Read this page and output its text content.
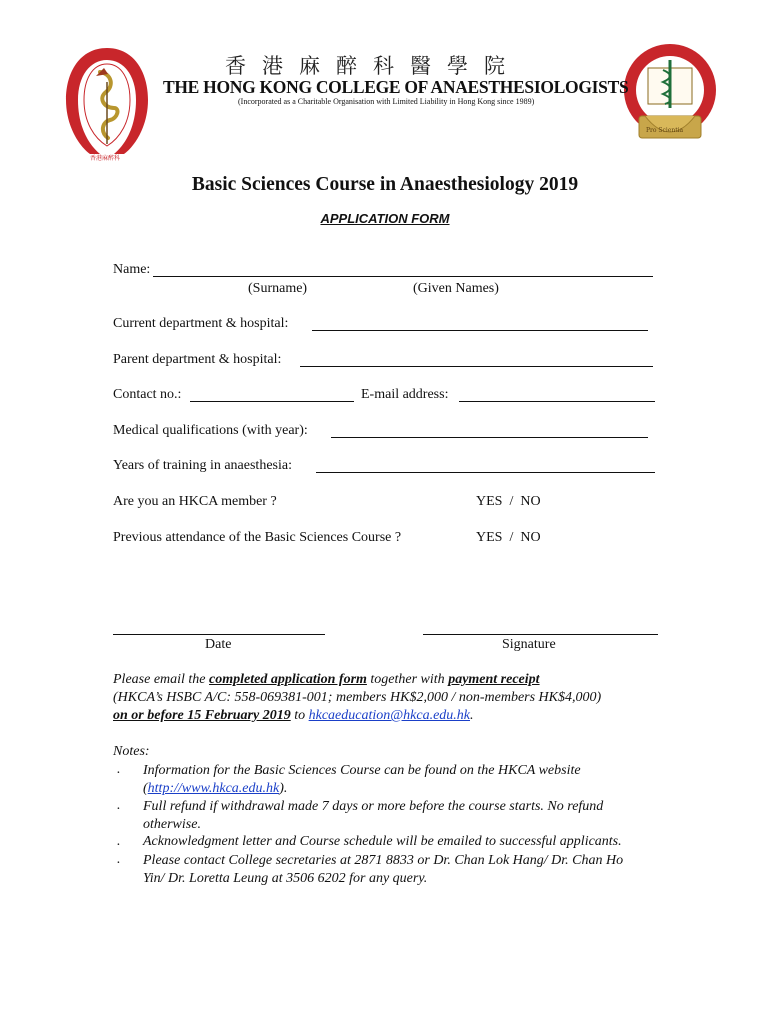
香港麻醉科
Pro Scientia
香港麻醉科醫學院
THE HONG KONG COLLEGE OF ANAESTHESIOLOGISTS
(Incorporated as a Charitable Organisation with Limited Liability in Hong Kong since 1989)
Basic Sciences Course in Anaesthesiology 2019
APPLICATION FORM
Name:
(Surname)	(Given Names)
Current department & hospital:
Parent department & hospital:
Contact no.:	E-mail address:
Medical qualifications (with year):
Years of training in anaesthesia:
Are you an HKCA member ?	YES  /  NO
Previous attendance of the Basic Sciences Course ?	YES  /  NO
Date	Signature
Please email the completed application form together with payment receipt
(HKCA’s HSBC A/C: 558-069381-001; members HK$2,000 / non-members HK$4,000)
on or before 15 February 2019 to hkcaeducation@hkca.edu.hk.
Notes:
. Information for the Basic Sciences Course can be found on the HKCA website
(http://www.hkca.edu.hk).
. Full refund if withdrawal made 7 days or more before the course starts. No refund
otherwise.
. Acknowledgment letter and Course schedule will be emailed to successful applicants.
. Please contact College secretaries at 2871 8833 or Dr. Chan Lok Hang/ Dr. Chan Ho
Yin/ Dr. Loretta Leung at 3506 6202 for any query.
